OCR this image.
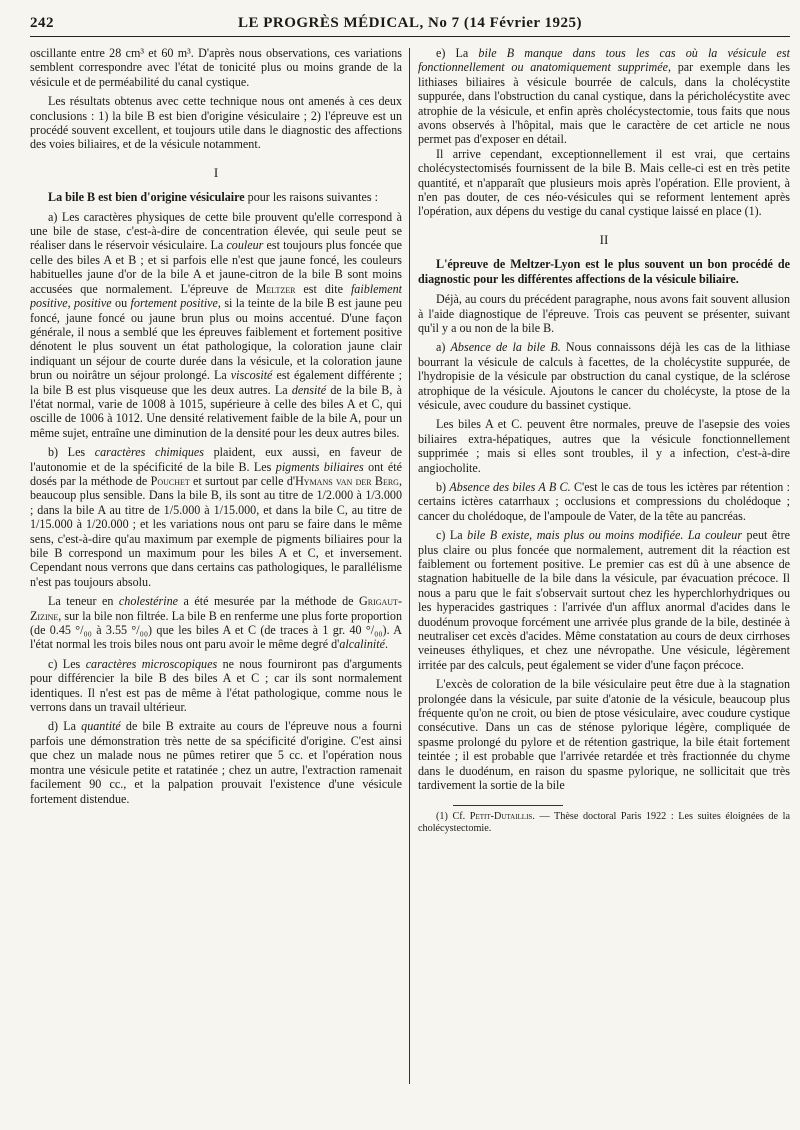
242	LE PROGRÈS MÉDICAL, No 7 (14 Février 1925)

oscillante entre 28 cm³ et 60 m³. D'après nous observations, ces variations semblent correspondre avec l'état de tonicité plus ou moins grande de la vésicule et de perméabilité du canal cystique.

Les résultats obtenus avec cette technique nous ont amenés à ces deux conclusions : 1) la bile B est bien d'origine vésiculaire ; 2) l'épreuve est un procédé souvent excellent, et toujours utile dans le diagnostic des affections des voies biliaires, et de la vésicule notamment.

I

La bile B est bien d'origine vésiculaire pour les raisons suivantes :

a) Les caractères physiques de cette bile prouvent qu'elle correspond à une bile de stase, c'est-à-dire de concentration élevée, qui seule peut se réaliser dans le réservoir vésiculaire. La couleur est toujours plus foncée que celle des biles A et B ; et si parfois elle n'est que jaune foncé, les couleurs habituelles jaune d'or de la bile A et jaune-citron de la bile B sont moins accusées que normalement. L'épreuve de Meltzer est dite faiblement positive, positive ou fortement positive, si la teinte de la bile B est jaune peu foncé, jaune foncé ou jaune brun plus ou moins accentué. D'une façon générale, il nous a semblé que les épreuves faiblement et fortement positive dénotent le plus souvent un état pathologique, la coloration jaune clair indiquant un séjour de courte durée dans la vésicule, et la coloration jaune brun ou noirâtre un séjour prolongé. La viscosité est également différente ; la bile B est plus visqueuse que les deux autres. La densité de la bile B, à l'état normal, varie de 1008 à 1015, supérieure à celle des biles A et C, qui oscille de 1006 à 1012. Une densité relativement faible de la bile A, pour un même sujet, entraîne une diminution de la densité pour les deux autres biles.

b) Les caractères chimiques plaident, eux aussi, en faveur de l'autonomie et de la spécificité de la bile B. Les pigments biliaires ont été dosés par la méthode de Pouchet et surtout par celle d'Hymans van der Berg, beaucoup plus sensible. Dans la bile B, ils sont au titre de 1/2.000 à 1/3.000 ; dans la bile A au titre de 1/5.000 à 1/15.000, et dans la bile C, au titre de 1/15.000 à 1/20.000 ; et les variations nous ont paru se faire dans le même sens, c'est-à-dire qu'au maximum par exemple de pigments biliaires pour la bile B correspond un maximum pour les biles A et C, et inversement. Cependant nous verrons que dans certains cas pathologiques, le parallélisme n'est pas toujours absolu.

La teneur en cholestérine a été mesurée par la méthode de Grigaut-Zizine, sur la bile non filtrée. La bile B en renferme une plus forte proportion (de 0.45 °/₀₀ à 3.55 °/₀₀) que les biles A et C (de traces à 1 gr. 40 °/₀₀). A l'état normal les trois biles nous ont paru avoir le même degré d'alcalinité.

c) Les caractères microscopiques ne nous fourniront pas d'arguments pour différencier la bile B des biles A et C ; car ils sont normalement identiques. Il n'est est pas de même à l'état pathologique, comme nous le verrons dans un travail ultérieur.

d) La quantité de bile B extraite au cours de l'épreuve nous a fourni parfois une démonstration très nette de sa spécificité d'origine. C'est ainsi que chez un malade nous ne pûmes retirer que 5 cc. et l'opération nous montra une vésicule petite et ratatinée ; chez un autre, l'extraction ramenait facilement 90 cc., et la palpation prouvait l'existence d'une vésicule fortement distendue.

e) La bile B manque dans tous les cas où la vésicule est fonctionnellement ou anatomiquement supprimée, par exemple dans les lithiases biliaires à vésicule bourrée de calculs, dans la cholécystite suppurée, dans l'obstruction du canal cystique, dans la péricholécystite avec atrophie de la vésicule, et enfin après cholécystectomie, tous faits que nous avons observés à l'hôpital, mais que le caractère de cet article ne nous permet pas d'exposer en détail.

Il arrive cependant, exceptionnellement il est vrai, que certains cholécystectomisés fournissent de la bile B. Mais celle-ci est en très petite quantité, et n'apparaît que plusieurs mois après l'opération. Elle provient, à n'en pas douter, de ces néo-vésicules qui se reforment lentement après l'opération, aux dépens du vestige du canal cystique laissé en place (1).

II

L'épreuve de Meltzer-Lyon est le plus souvent un bon procédé de diagnostic pour les différentes affections de la vésicule biliaire.

Déjà, au cours du précédent paragraphe, nous avons fait souvent allusion à l'aide diagnostique de l'épreuve. Trois cas peuvent se présenter, suivant qu'il y a ou non de la bile B.

a) Absence de la bile B. Nous connaissons déjà les cas de la lithiase bourrant la vésicule de calculs à facettes, de la cholécystite suppurée, de l'hydropisie de la vésicule par obstruction du canal cystique, de la sclérose atrophique de la vésicule. Ajoutons le cancer du cholécyste, la ptose de la vésicule, avec coudure du bassinet cystique.

Les biles A et C. peuvent être normales, preuve de l'asepsie des voies biliaires extra-hépatiques, autres que la vésicule fonctionnellement supprimée ; mais si elles sont troubles, il y a infection, c'est-à-dire angiocholite.

b) Absence des biles A B C. C'est le cas de tous les ictères par rétention : certains ictères catarrhaux ; occlusions et compressions du cholédoque ; cancer du cholédoque, de l'ampoule de Vater, de la tête au pancréas.

c) La bile B existe, mais plus ou moins modifiée. La couleur peut être plus claire ou plus foncée que normalement, autrement dit la réaction est faiblement ou fortement positive. Le premier cas est dû à une absence de stagnation habituelle de la bile dans la vésicule, par évacuation précoce. Il nous a paru que le fait s'observait surtout chez les hyperchlorhydriques ou les hyperacides gastriques : l'arrivée d'un afflux anormal d'acides dans le duodénum provoque forcément une arrivée plus grande de la bile, destinée à neutraliser cet excès d'acides. Même constatation au cours de deux cirrhoses veineuses éthyliques, et chez une névropathe. Une vésicule, légèrement irritée par des calculs, peut également se vider d'une façon précoce.

L'excès de coloration de la bile vésiculaire peut être due à la stagnation prolongée dans la vésicule, par suite d'atonie de la vésicule, beaucoup plus fréquente qu'on ne croit, ou bien de ptose vésiculaire, avec coudure cystique consécutive. Dans un cas de sténose pylorique légère, compliquée de spasme prolongé du pylore et de rétention gastrique, la bile était fortement teintée ; il est probable que l'arrivée retardée et très fractionnée du chyme dans le duodénum, en raison du spasme pylorique, ne sollicitait que très tardivement la sortie de la bile

(1) Cf. Petit-Dutaillis. — Thèse doctoral Paris 1922 : Les suites éloignées de la cholécystectomie.
